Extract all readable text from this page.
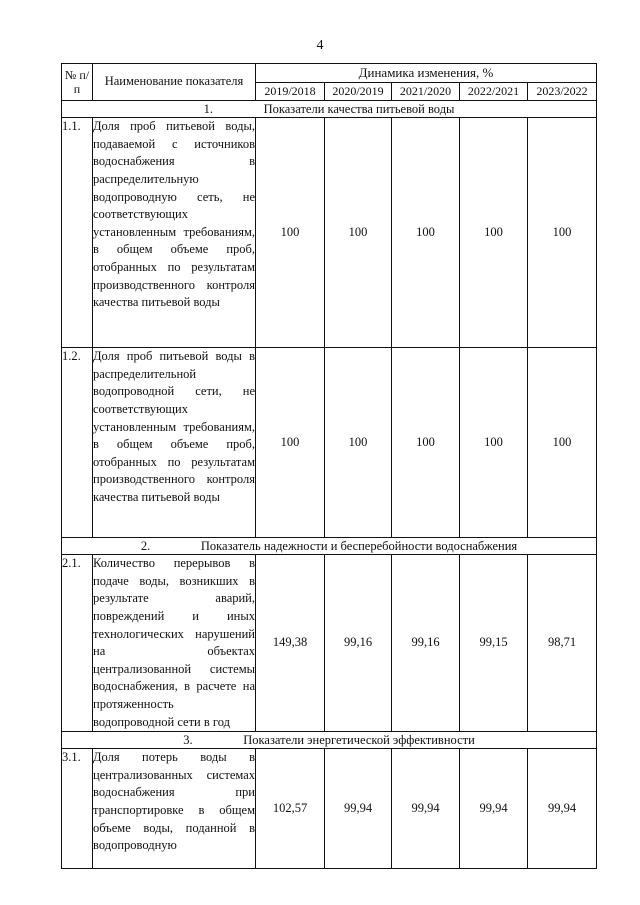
4
№ п/п	Наименование показателя	Динамика изменения, %				
		2019/2018	2020/2019	2021/2020	2022/2021	2023/2022
1. Показатели качества питьевой воды						
1.1.	Доля проб питьевой воды, подаваемой с источников водоснабжения в распределительную водопроводную сеть, не соответствующих установленным требованиям, в общем объеме проб, отобранных по результатам производственного контроля качества питьевой воды	100	100	100	100	100
1.2.	Доля проб питьевой воды в распределительной водопроводной сети, не соответствующих установленным требованиям, в общем объеме проб, отобранных по результатам производственного контроля качества питьевой воды	100	100	100	100	100
2. Показатель надежности и бесперебойности водоснабжения						
2.1.	Количество перерывов в подаче воды, возникших в результате аварий, повреждений и иных технологических нарушений на объектах централизованной системы водоснабжения, в расчете на протяженность водопроводной сети в год	149,38	99,16	99,16	99,15	98,71
3. Показатели энергетической эффективности						
3.1.	Доля потерь воды в централизованных системах водоснабжения при транспортировке в общем объеме воды, поданной в водопроводную	102,57	99,94	99,94	99,94	99,94
